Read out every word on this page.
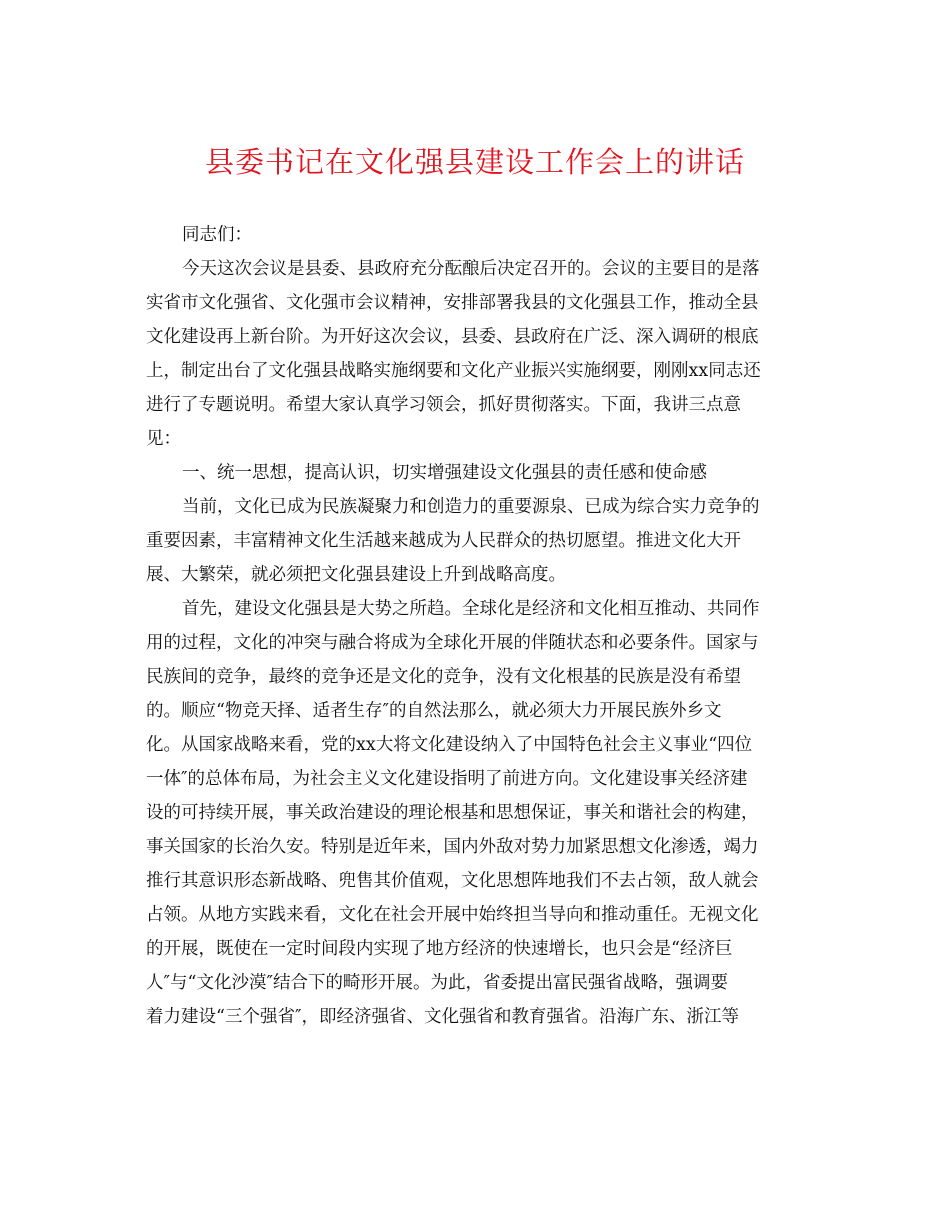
县委书记在文化强县建设工作会上的讲话
同志们：
今天这次会议是县委、县政府充分酝酿后决定召开的。会议的主要目的是落
实省市文化强省、文化强市会议精神，安排部署我县的文化强县工作，推动全县
文化建设再上新台阶。为开好这次会议，县委、县政府在广泛、深入调研的根底
上，制定出台了文化强县战略实施纲要和文化产业振兴实施纲要，刚刚xx同志还
进行了专题说明。希望大家认真学习领会，抓好贯彻落实。下面，我讲三点意
见：
一、统一思想，提高认识，切实增强建设文化强县的责任感和使命感
当前，文化已成为民族凝聚力和创造力的重要源泉、已成为综合实力竞争的
重要因素，丰富精神文化生活越来越成为人民群众的热切愿望。推进文化大开
展、大繁荣，就必须把文化强县建设上升到战略高度。
首先，建设文化强县是大势之所趋。全球化是经济和文化相互推动、共同作
用的过程，文化的冲突与融合将成为全球化开展的伴随状态和必要条件。国家与
民族间的竞争，最终的竞争还是文化的竞争，没有文化根基的民族是没有希望
的。顺应“物竞天择、适者生存″的自然法那么，就必须大力开展民族外乡文
化。从国家战略来看，党的xx大将文化建设纳入了中国特色社会主义事业“四位
一体″的总体布局，为社会主义文化建设指明了前进方向。文化建设事关经济建
设的可持续开展，事关政治建设的理论根基和思想保证，事关和谐社会的构建，
事关国家的长治久安。特别是近年来，国内外敌对势力加紧思想文化渗透，竭力
推行其意识形态新战略、兜售其价值观，文化思想阵地我们不去占领，敌人就会
占领。从地方实践来看，文化在社会开展中始终担当导向和推动重任。无视文化
的开展，既使在一定时间段内实现了地方经济的快速增长，也只会是“经济巨
人″与“文化沙漠″结合下的畸形开展。为此，省委提出富民强省战略，强调要
着力建设“三个强省″，即经济强省、文化强省和教育强省。沿海广东、浙江等
